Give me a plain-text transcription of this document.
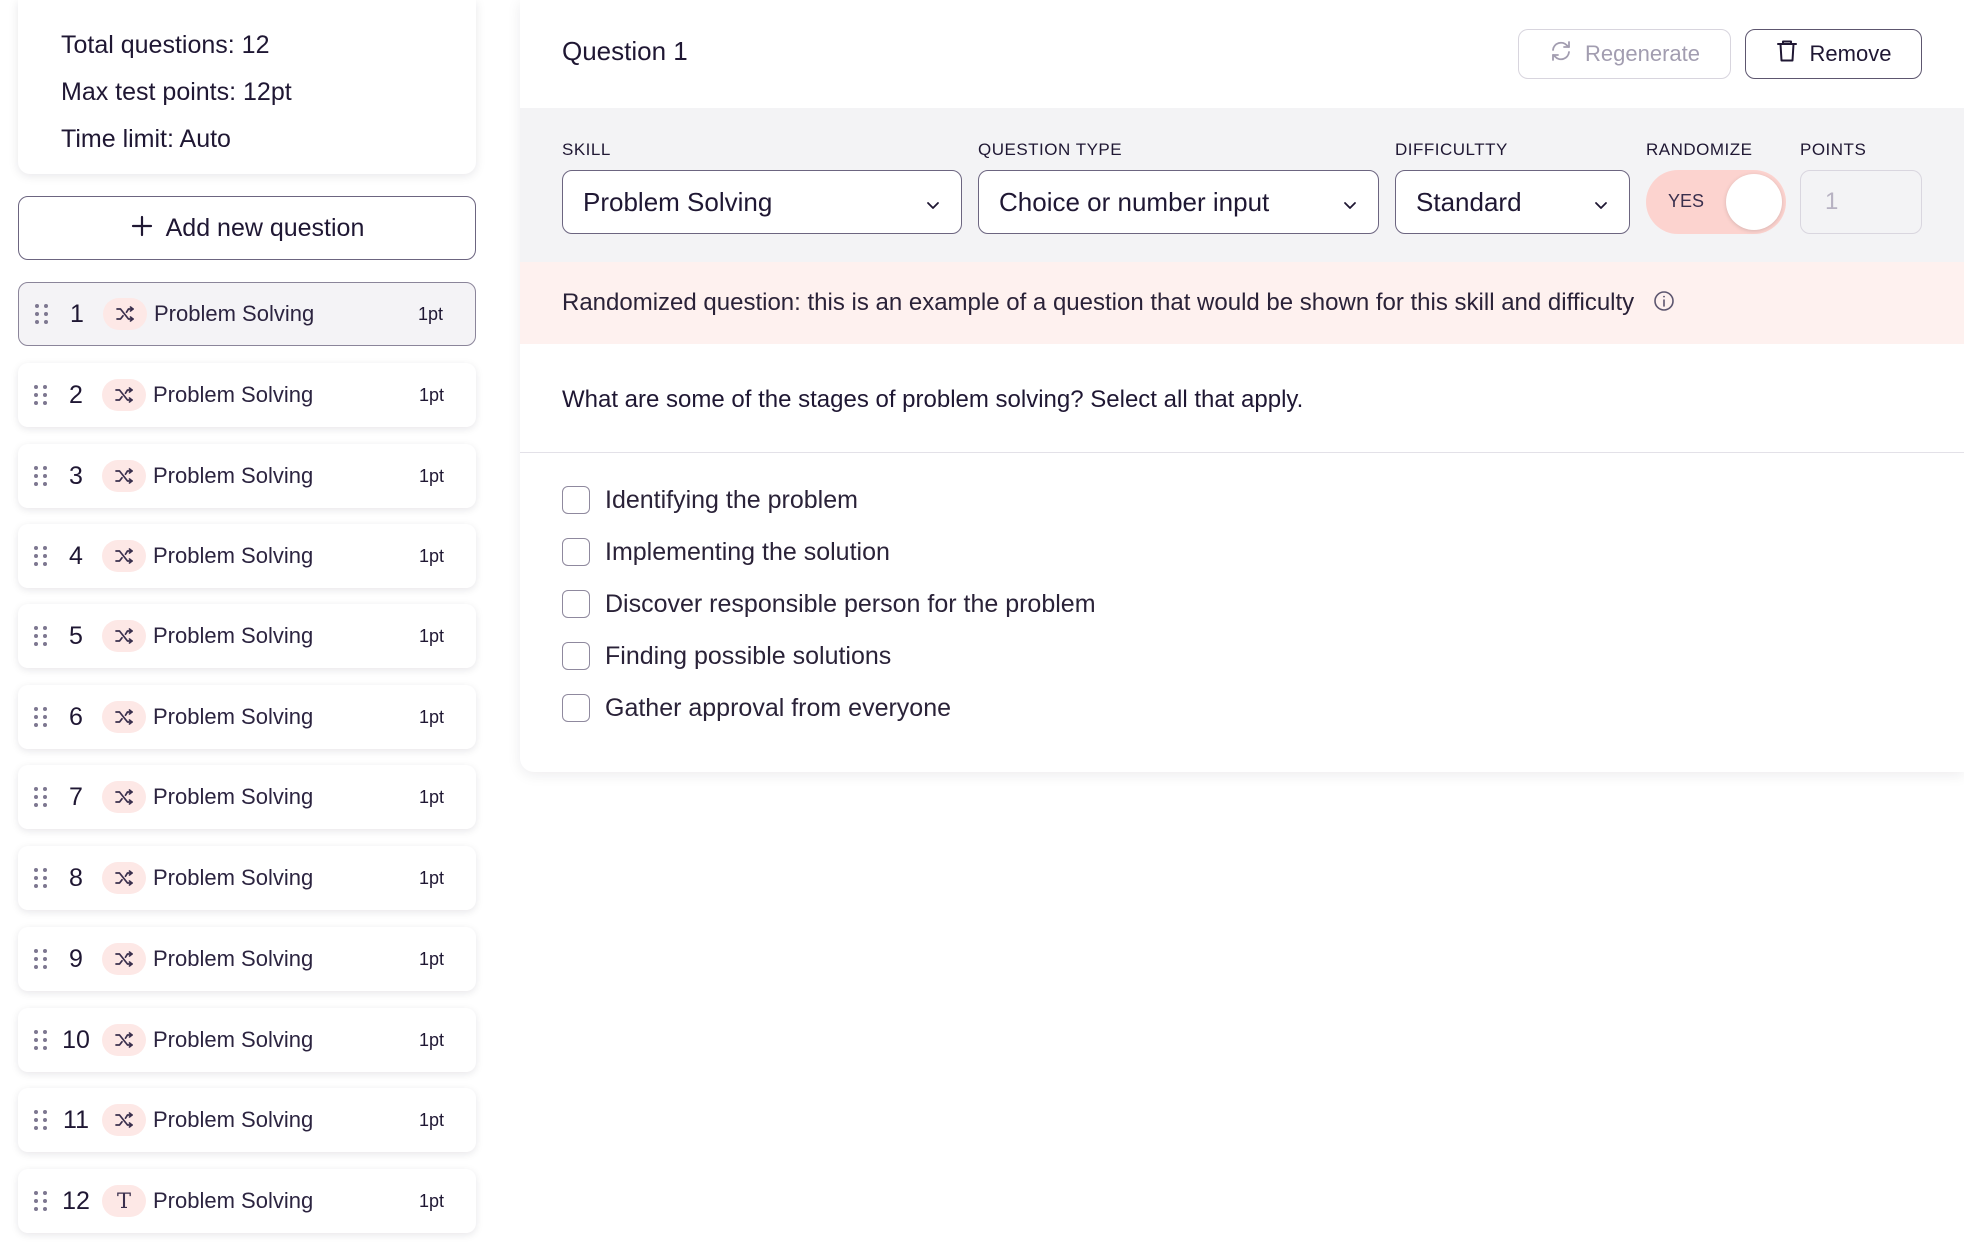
Total questions: 12
Max test points: 12pt
Time limit: Auto
Add new question
1	Problem Solving	1pt
2	Problem Solving	1pt
3	Problem Solving	1pt
4	Problem Solving	1pt
5	Problem Solving	1pt
6	Problem Solving	1pt
7	Problem Solving	1pt
8	Problem Solving	1pt
9	Problem Solving	1pt
10	Problem Solving	1pt
11	Problem Solving	1pt
12	T	Problem Solving	1pt
Question 1	Regenerate	Remove
SKILL
Problem Solving
QUESTION TYPE
Choice or number input
DIFFICULTTY
Standard
RANDOMIZE
YES
POINTS
1
Randomized question: this is an example of a question that would be shown for this skill and difficulty
What are some of the stages of problem solving? Select all that apply.
Identifying the problem
Implementing the solution
Discover responsible person for the problem
Finding possible solutions
Gather approval from everyone
